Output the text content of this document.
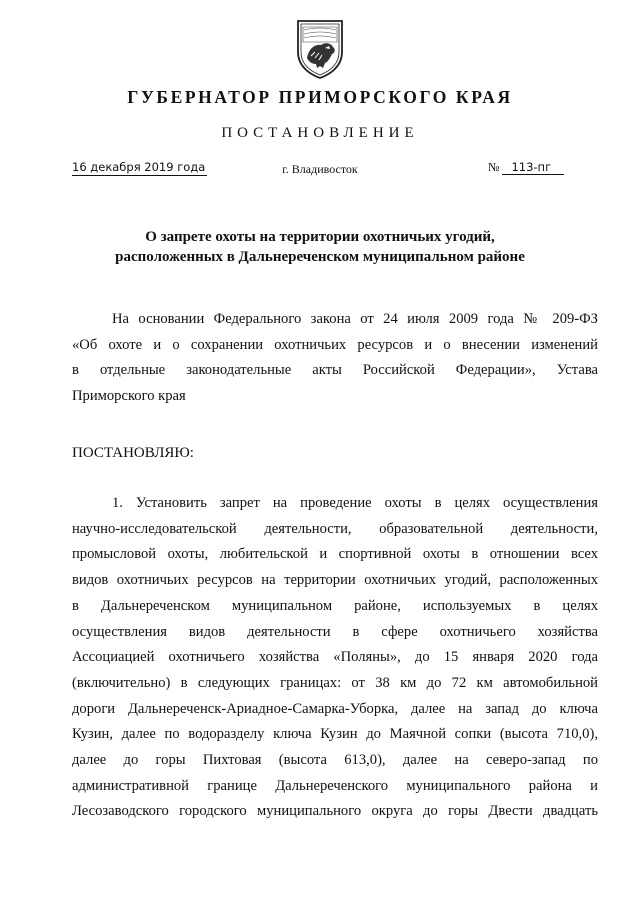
ГУБЕРНАТОР ПРИМОРСКОГО КРАЯ
ПОСТАНОВЛЕНИЕ
16 декабря 2019 года	г. Владивосток	№ 113-пг
О запрете охоты на территории охотничьих угодий,
расположенных в Дальнереченском муниципальном районе
На основании Федерального закона от 24 июля 2009 года № 209-ФЗ
«Об охоте и о сохранении охотничьих ресурсов и о внесении изменений
в отдельные законодательные акты Российской Федерации», Устава
Приморского края
ПОСТАНОВЛЯЮ:
1. Установить запрет на проведение охоты в целях осуществления
научно-исследовательской деятельности, образовательной деятельности,
промысловой охоты, любительской и спортивной охоты в отношении всех
видов охотничьих ресурсов на территории охотничьих угодий, расположенных
в Дальнереченском муниципальном районе, используемых в целях
осуществления видов деятельности в сфере охотничьего хозяйства
Ассоциацией охотничьего хозяйства «Поляны», до 15 января 2020 года
(включительно) в следующих границах: от 38 км до 72 км автомобильной
дороги Дальнереченск-Ариадное-Самарка-Уборка, далее на запад до ключа
Кузин, далее по водоразделу ключа Кузин до Маячной сопки (высота 710,0),
далее до горы Пихтовая (высота 613,0), далее на северо-запад по
административной границе Дальнереченского муниципального района и
Лесозаводского городского муниципального округа до горы Двести двадцать
